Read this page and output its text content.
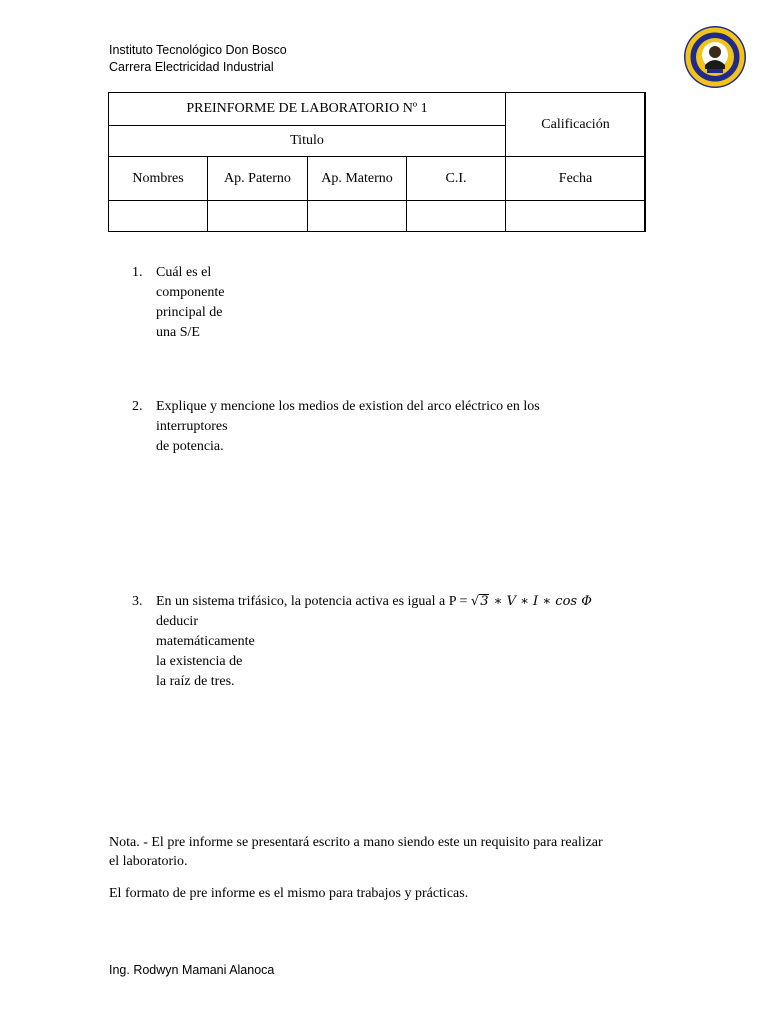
Instituto Tecnológico Don Bosco
Carrera Electricidad Industrial
PREINFORME DE LABORATORIO Nº 1				Calificación
Titulo				
Nombres	Ap. Paterno	Ap. Materno	C.I.	Fecha

1. Cuál es el componente principal de una S/E
2. Explique y mencione los medios de existion del arco eléctrico en los
interruptores de potencia.
3. En un sistema trifásico, la potencia activa es igual a P = √3 ∗ V ∗ I ∗ cos Φ
deducir matemáticamente la existencia de la raíz de tres.
Nota. - El pre informe se presentará escrito a mano siendo este un requisito para realizar
el laboratorio.
El formato de pre informe es el mismo para trabajos y prácticas.
Ing. Rodwyn Mamani Alanoca
